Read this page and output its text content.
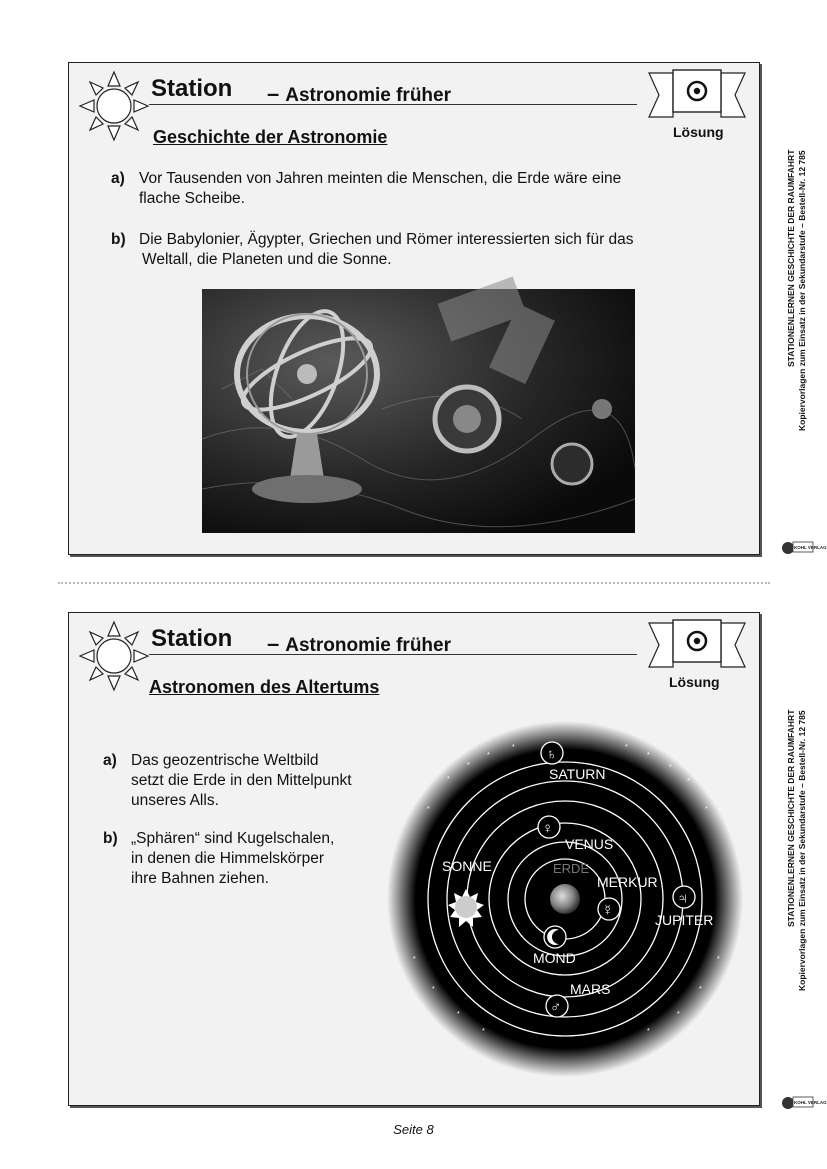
Station – Astronomie früher
Lösung
Geschichte der Astronomie
a) Vor Tausenden von Jahren meinten die Menschen, die Erde wäre eine
flache Scheibe.
b) Die Babylonier, Ägypter, Griechen und Römer interessierten sich für das
Weltall, die Planeten und die Sonne.
Station – Astronomie früher
Lösung
Astronomen des Altertums
a) Das geozentrische Weltbild
setzt die Erde in den Mittelpunkt
unseres Alls.
b) „Sphären“ sind Kugelschalen,
in denen die Himmelskörper
ihre Bahnen ziehen.
*
*
*
*	*
*
*
*
*	*
*	*
*	*
*	*
*	*
ERDE
MOND
☿
MERKUR
♀
VENUS
SONNE
♃
JUPITER
♂
MARS
♄
SATURN
STATIONENLERNEN GESCHICHTE DER RAUMFAHRT Kopiervorlagen zum Einsatz in der Sekundarstufe – Bestell-Nr. 12 785
KOHL VERLAG
STATIONENLERNEN GESCHICHTE DER RAUMFAHRT Kopiervorlagen zum Einsatz in der Sekundarstufe – Bestell-Nr. 12 785
KOHL VERLAG
Seite 8
